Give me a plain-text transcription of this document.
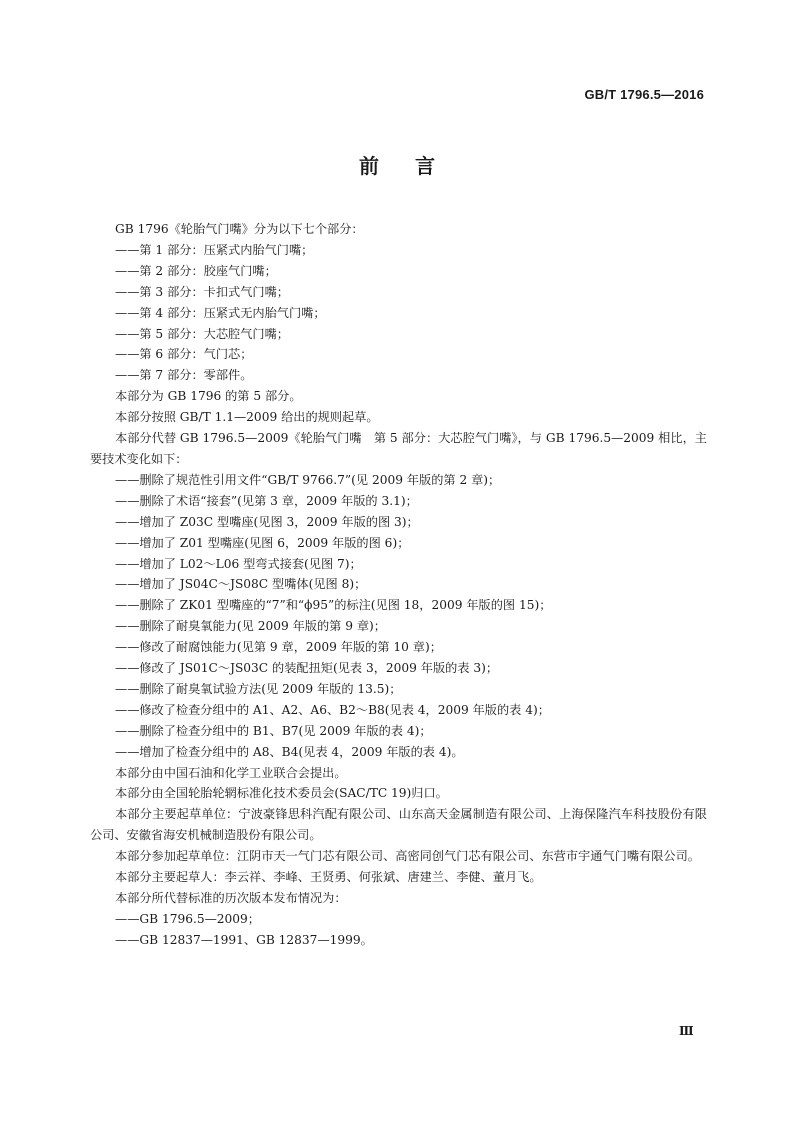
GB/T 1796.5—2016
前言
GB 1796《轮胎气门嘴》分为以下七个部分：
——第 1 部分：压紧式内胎气门嘴；
——第 2 部分：胶座气门嘴；
——第 3 部分：卡扣式气门嘴；
——第 4 部分：压紧式无内胎气门嘴；
——第 5 部分：大芯腔气门嘴；
——第 6 部分：气门芯；
——第 7 部分：零部件。
本部分为 GB 1796 的第 5 部分。
本部分按照 GB/T 1.1—2009 给出的规则起草。
本部分代替 GB 1796.5—2009《轮胎气门嘴　第 5 部分：大芯腔气门嘴》，与 GB 1796.5—2009 相比，主要技术变化如下：
——删除了规范性引用文件“GB/T 9766.7”(见 2009 年版的第 2 章)；
——删除了术语“接套”(见第 3 章，2009 年版的 3.1)；
——增加了 Z03C 型嘴座(见图 3，2009 年版的图 3)；
——增加了 Z01 型嘴座(见图 6，2009 年版的图 6)；
——增加了 L02～L06 型弯式接套(见图 7)；
——增加了 JS04C～JS08C 型嘴体(见图 8)；
——删除了 ZK01 型嘴座的“7”和“ϕ95”的标注(见图 18，2009 年版的图 15)；
——删除了耐臭氧能力(见 2009 年版的第 9 章)；
——修改了耐腐蚀能力(见第 9 章，2009 年版的第 10 章)；
——修改了 JS01C～JS03C 的装配扭矩(见表 3，2009 年版的表 3)；
——删除了耐臭氧试验方法(见 2009 年版的 13.5)；
——修改了检查分组中的 A1、A2、A6、B2～B8(见表 4，2009 年版的表 4)；
——删除了检查分组中的 B1、B7(见 2009 年版的表 4)；
——增加了检查分组中的 A8、B4(见表 4，2009 年版的表 4)。
本部分由中国石油和化学工业联合会提出。
本部分由全国轮胎轮辋标准化技术委员会(SAC/TC 19)归口。
本部分主要起草单位：宁波豪锋思科汽配有限公司、山东高天金属制造有限公司、上海保隆汽车科技股份有限公司、安徽省海安机械制造股份有限公司。
本部分参加起草单位：江阴市天一气门芯有限公司、高密同创气门芯有限公司、东营市宇通气门嘴有限公司。
本部分主要起草人：李云祥、李峰、王贤勇、何张斌、唐建兰、李健、董月飞。
本部分所代替标准的历次版本发布情况为：
——GB 1796.5—2009；
——GB 12837—1991、GB 12837—1999。
Ⅲ
